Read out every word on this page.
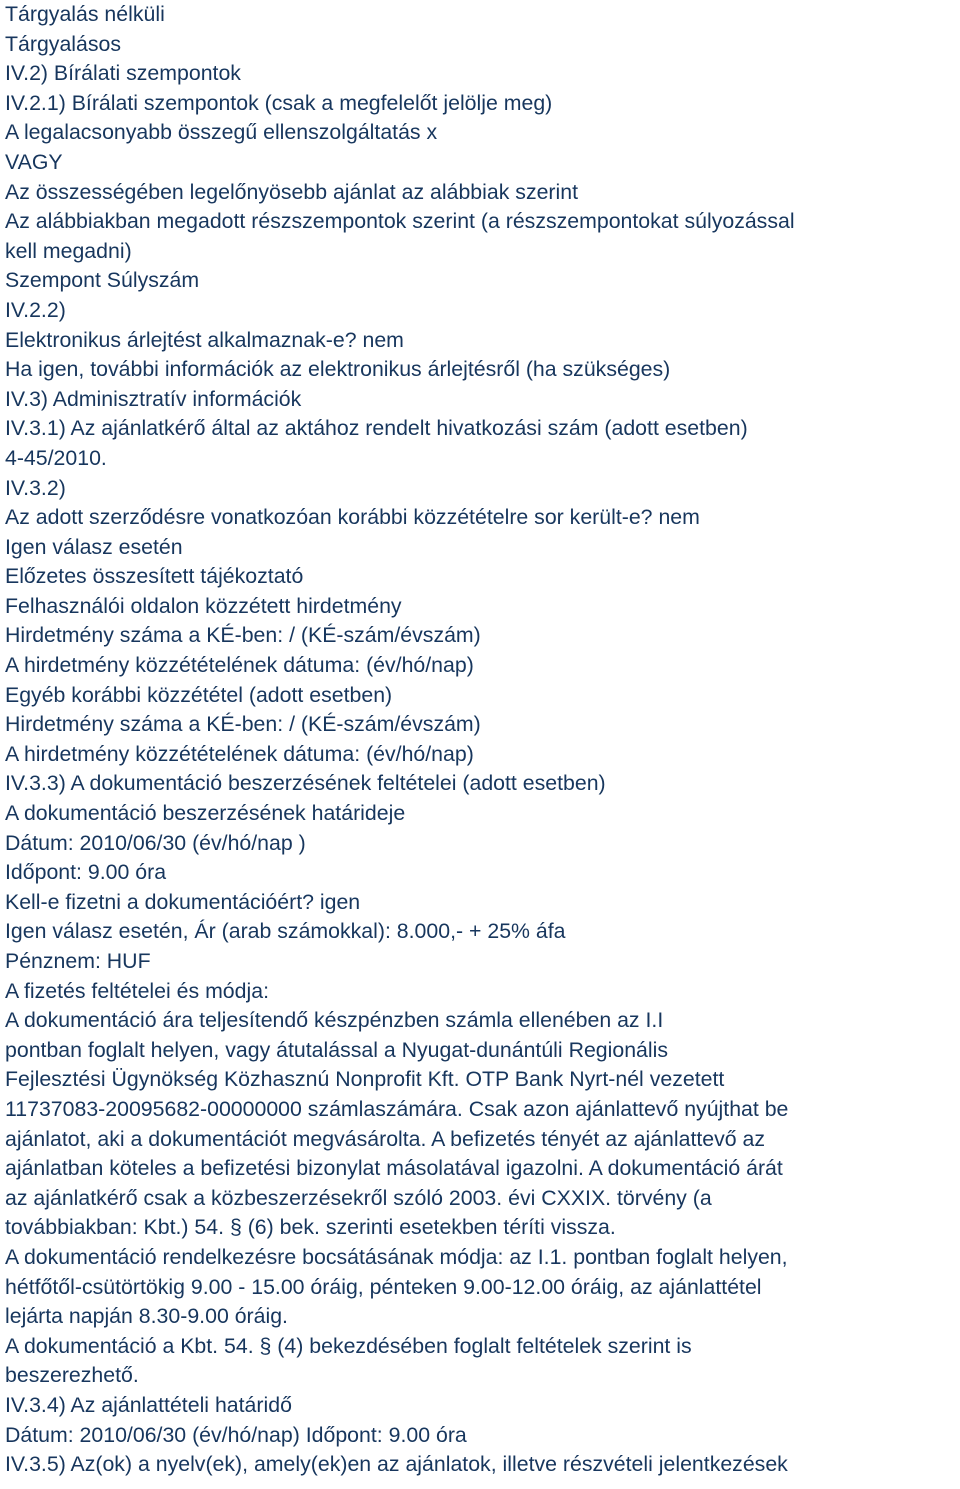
Tárgyalás nélküli
Tárgyalásos
IV.2) Bírálati szempontok
IV.2.1) Bírálati szempontok (csak a megfelelőt jelölje meg)
A legalacsonyabb összegű ellenszolgáltatás x
VAGY
Az összességében legelőnyösebb ajánlat az alábbiak szerint
Az alábbiakban megadott részszempontok szerint (a részszempontokat súlyozással
kell megadni)
Szempont Súlyszám
IV.2.2)
Elektronikus árlejtést alkalmaznak-e? nem
Ha igen, további információk az elektronikus árlejtésről (ha szükséges)
IV.3) Adminisztratív információk
IV.3.1) Az ajánlatkérő által az aktához rendelt hivatkozási szám (adott esetben)
4-45/2010.
IV.3.2)
Az adott szerződésre vonatkozóan korábbi közzétételre sor került-e? nem
Igen válasz esetén
Előzetes összesített tájékoztató
Felhasználói oldalon közzétett hirdetmény
Hirdetmény száma a KÉ-ben: / (KÉ-szám/évszám)
A hirdetmény közzétételének dátuma: (év/hó/nap)
Egyéb korábbi közzététel (adott esetben)
Hirdetmény száma a KÉ-ben: / (KÉ-szám/évszám)
A hirdetmény közzétételének dátuma: (év/hó/nap)
IV.3.3) A dokumentáció beszerzésének feltételei (adott esetben)
A dokumentáció beszerzésének határideje
Dátum: 2010/06/30 (év/hó/nap )
Időpont: 9.00 óra
Kell-e fizetni a dokumentációért? igen
Igen válasz esetén, Ár (arab számokkal): 8.000,- + 25% áfa
Pénznem: HUF
A fizetés feltételei és módja:
A dokumentáció ára teljesítendő készpénzben számla ellenében az I.I
pontban foglalt helyen, vagy átutalással a Nyugat-dunántúli Regionális
Fejlesztési Ügynökség Közhasznú Nonprofit Kft. OTP Bank Nyrt-nél vezetett
11737083-20095682-00000000 számlaszámára. Csak azon ajánlattevő nyújthat be
ajánlatot, aki a dokumentációt megvásárolta. A befizetés tényét az ajánlattevő az
ajánlatban köteles a befizetési bizonylat másolatával igazolni. A dokumentáció árát
az ajánlatkérő csak a közbeszerzésekről szóló 2003. évi CXXIX. törvény (a
továbbiakban: Kbt.) 54. § (6) bek. szerinti esetekben téríti vissza.
A dokumentáció rendelkezésre bocsátásának módja: az I.1. pontban foglalt helyen,
hétfőtől-csütörtökig 9.00 - 15.00 óráig, pénteken 9.00-12.00 óráig, az ajánlattétel
lejárta napján 8.30-9.00 óráig.
A dokumentáció a Kbt. 54. § (4) bekezdésében foglalt feltételek szerint is
beszerezhető.
IV.3.4) Az ajánlattételi határidő
Dátum: 2010/06/30 (év/hó/nap) Időpont: 9.00 óra
IV.3.5) Az(ok) a nyelv(ek), amely(ek)en az ajánlatok, illetve részvételi jelentkezések
